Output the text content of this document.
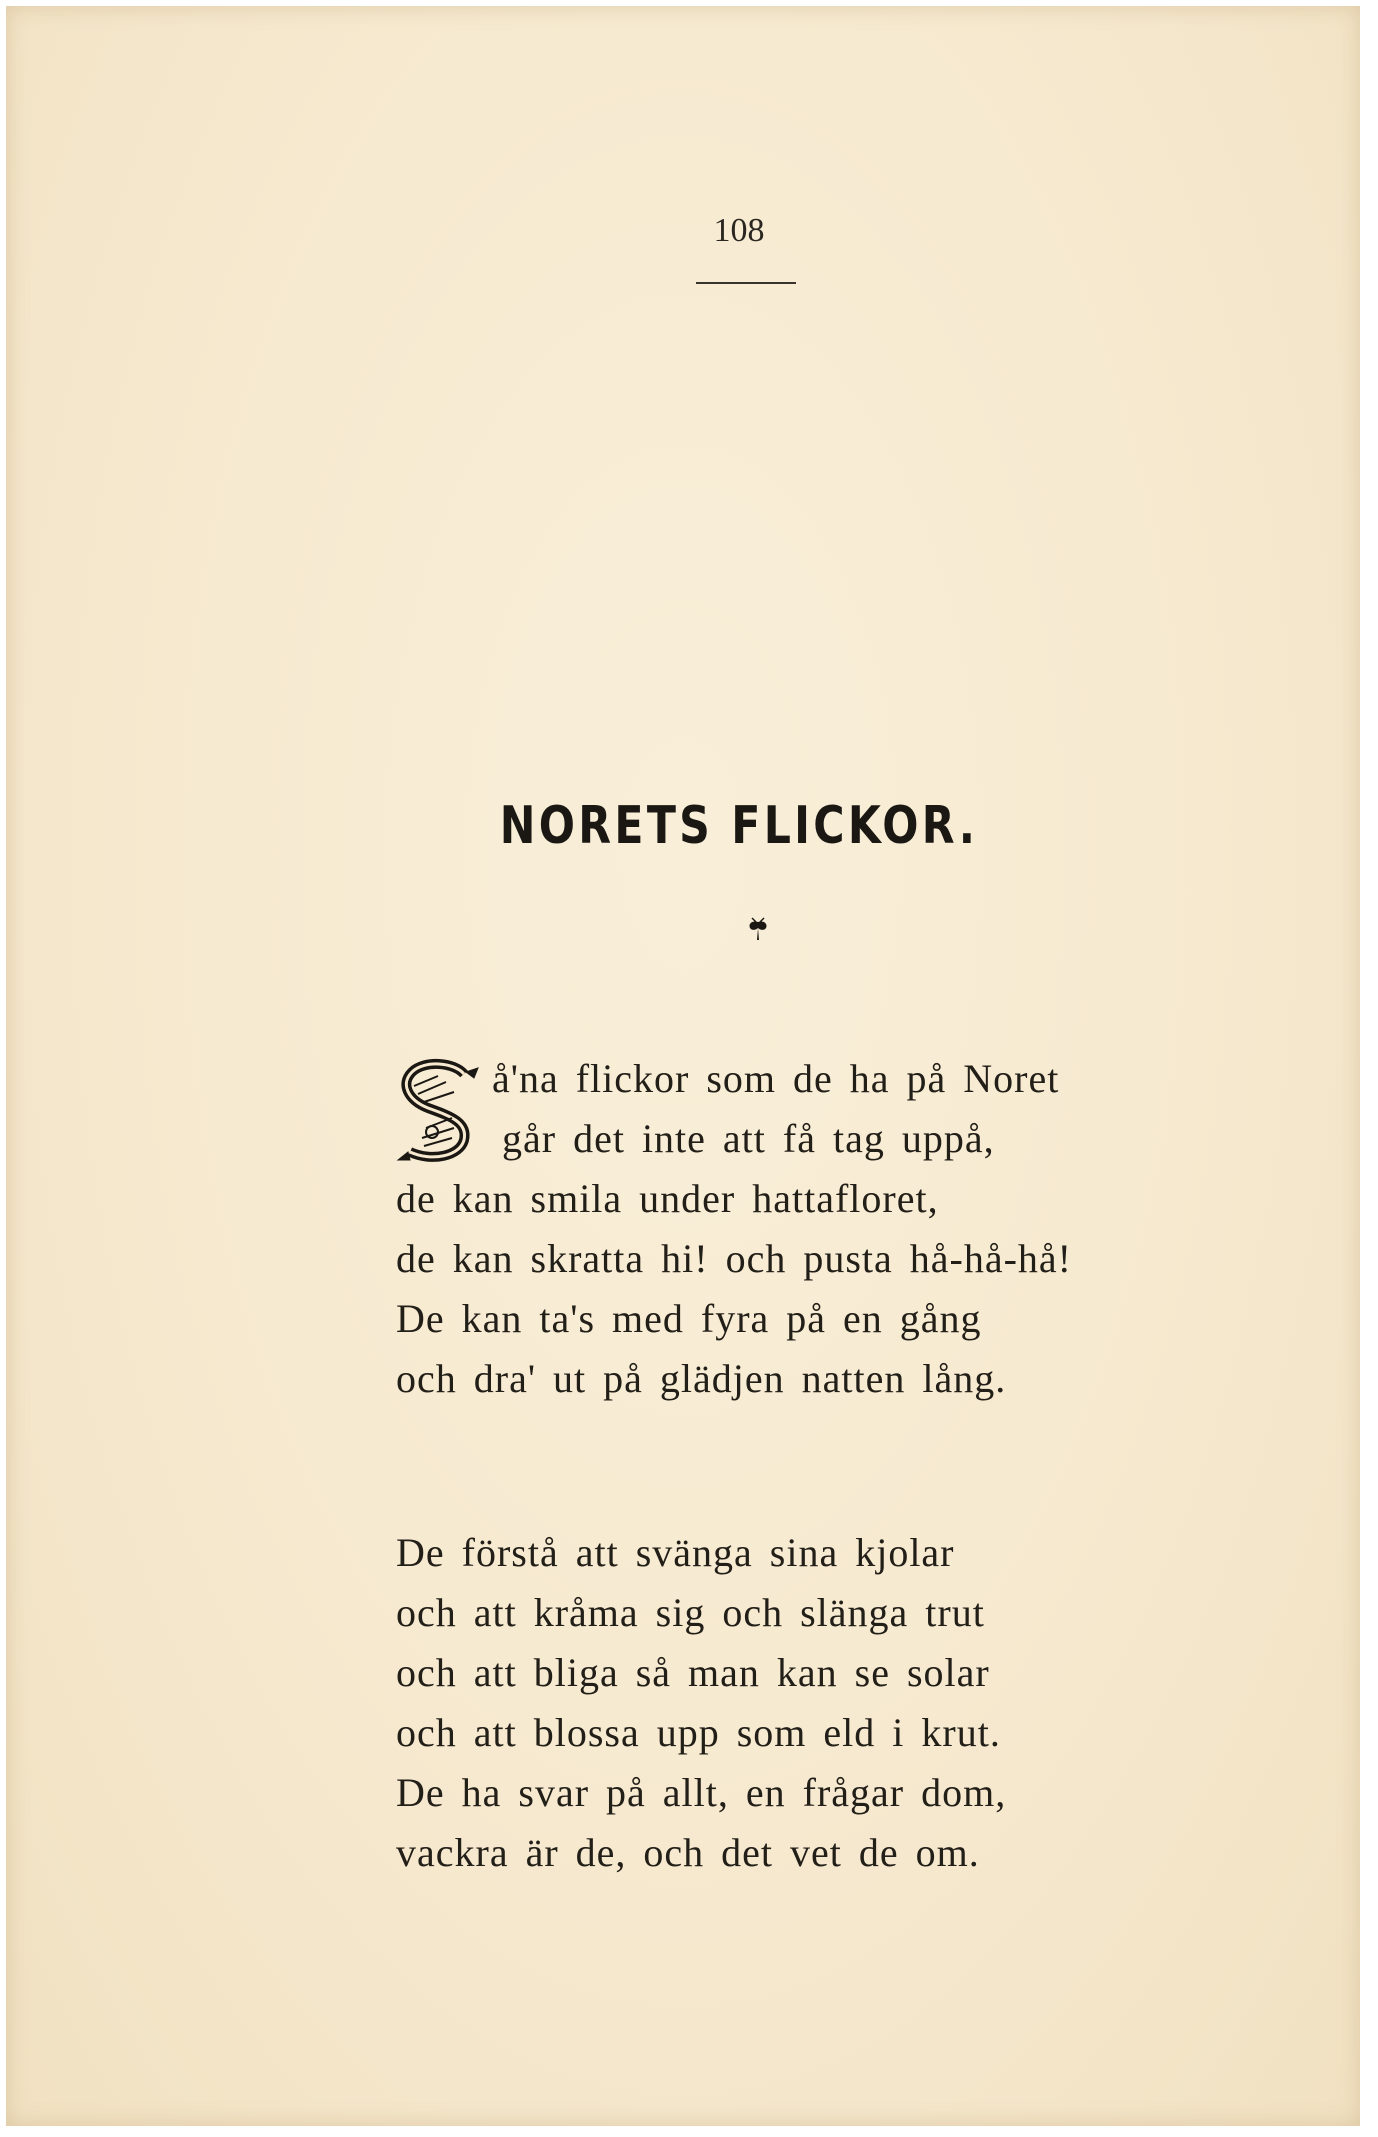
108
NORETS FLICKOR.
å'na flickor som de ha på Noret
går det inte att få tag uppå,
de kan smila under hattafloret,
de kan skratta hi! och pusta hå-hå-hå!
De kan ta's med fyra på en gång
och dra' ut på glädjen natten lång.
De förstå att svänga sina kjolar
och att kråma sig och slänga trut
och att bliga så man kan se solar
och att blossa upp som eld i krut.
De ha svar på allt, en frågar dom,
vackra är de, och det vet de om.
